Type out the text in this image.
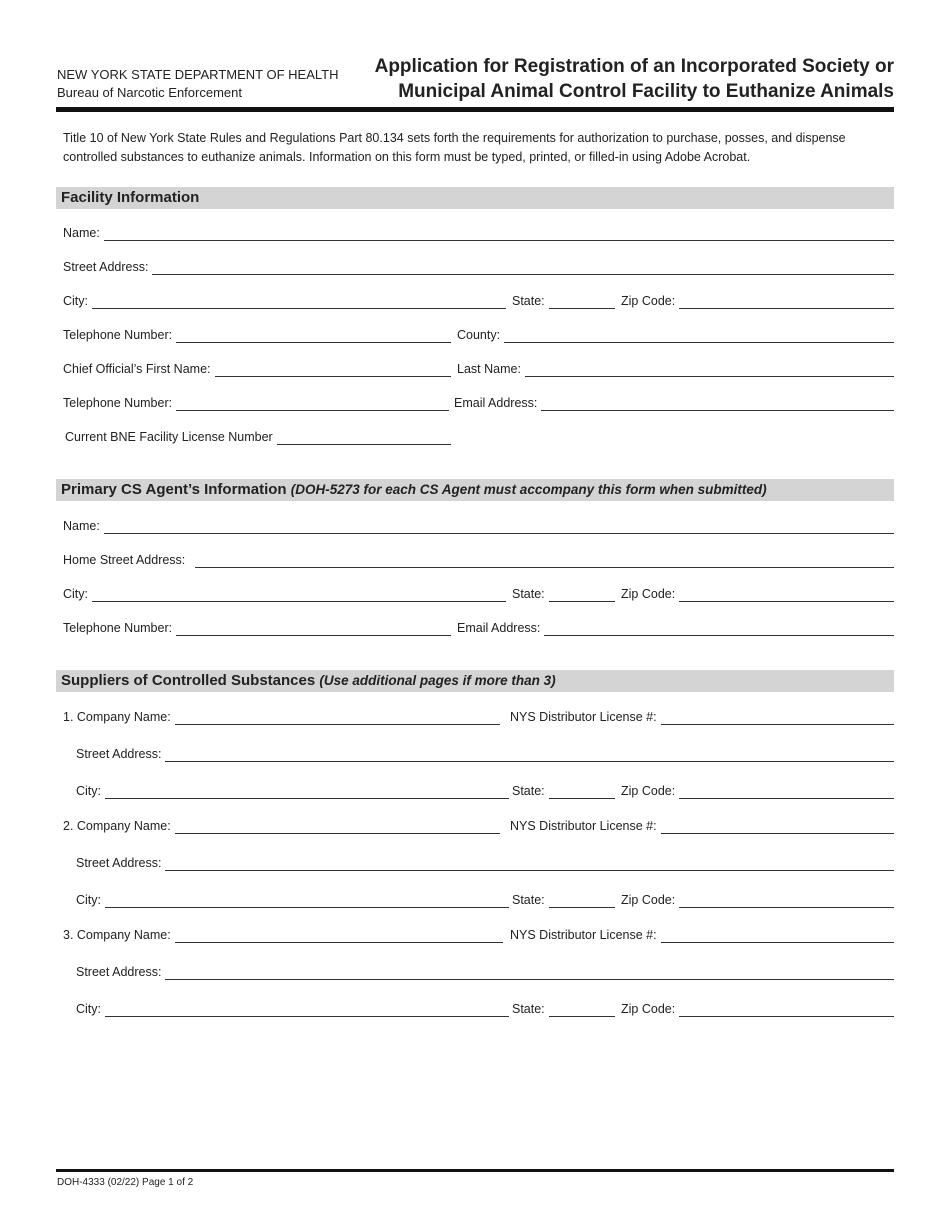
NEW YORK STATE DEPARTMENT OF HEALTH
Bureau of Narcotic Enforcement
Application for Registration of an Incorporated Society or
Municipal Animal Control Facility to Euthanize Animals
Title 10 of New York State Rules and Regulations Part 80.134 sets forth the requirements for authorization to purchase, posses, and dispense controlled substances to euthanize animals. Information on this form must be typed, printed, or filled-in using Adobe Acrobat.
Facility Information
Name:
Street Address:
City:	State:	Zip Code:
Telephone Number:	County:
Chief Official’s First Name:	Last Name:
Telephone Number:	Email Address:
Current BNE Facility License Number
Primary CS Agent’s Information (DOH-5273 for each CS Agent must accompany this form when submitted)
Name:
Home Street Address:
City:	State:	Zip Code:
Telephone Number:	Email Address:
Suppliers of Controlled Substances (Use additional pages if more than 3)
1. Company Name:	NYS Distributor License #:
Street Address:
City:	State:	Zip Code:
2. Company Name:	NYS Distributor License #:
Street Address:
City:	State:	Zip Code:
3. Company Name:	NYS Distributor License #:
Street Address:
City:	State:	Zip Code:
DOH-4333 (02/22) Page 1 of 2
